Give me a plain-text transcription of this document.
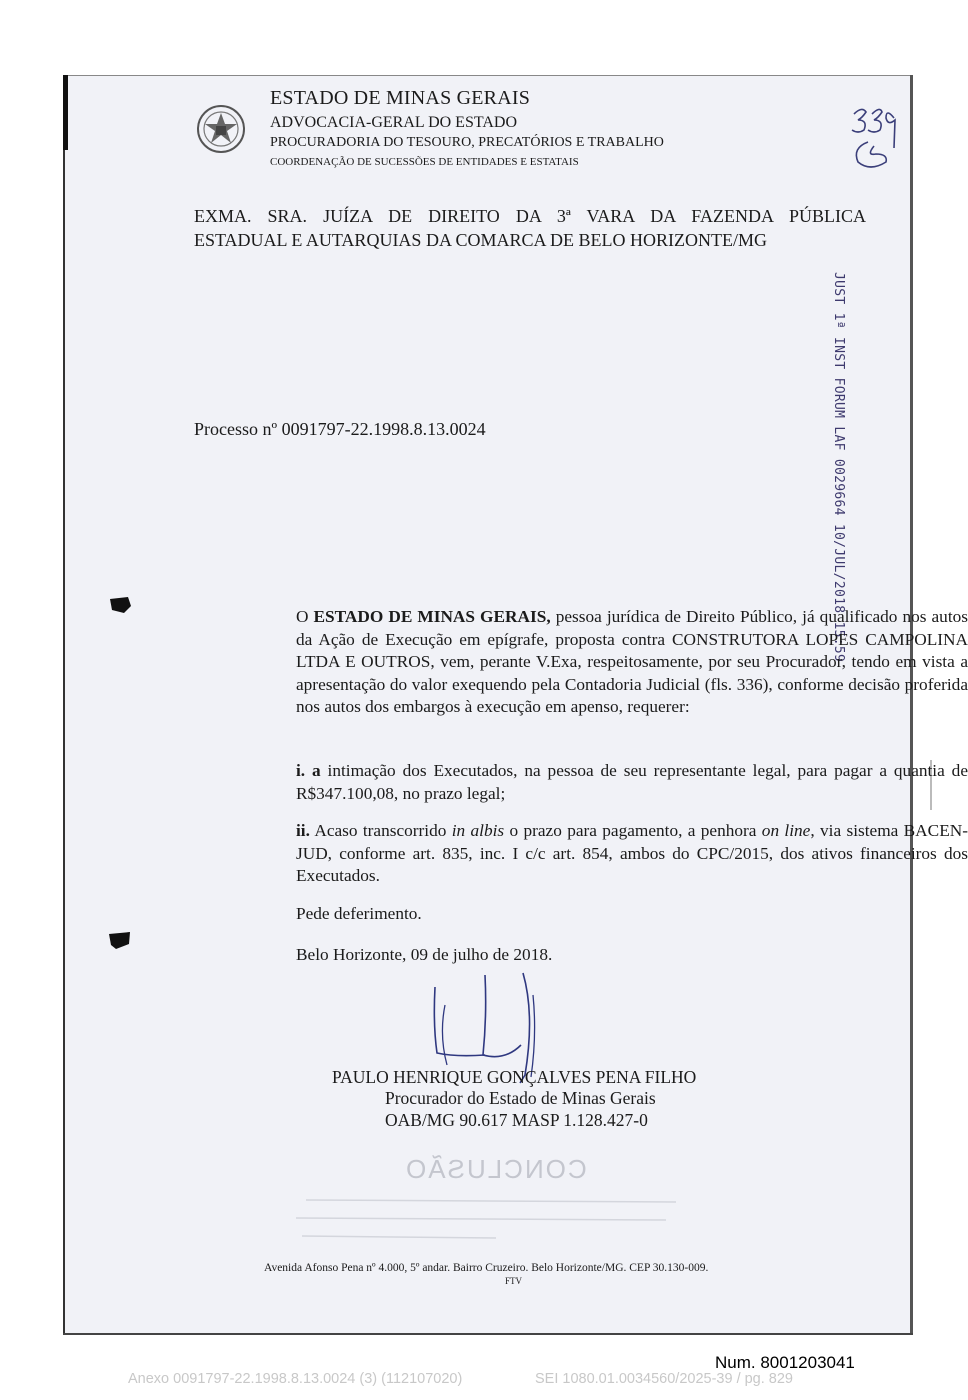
ESTADO DE MINAS GERAIS
ADVOCACIA-GERAL DO ESTADO
PROCURADORIA DO TESOURO, PRECATÓRIOS E TRABALHO
COORDENAÇÃO DE SUCESSÕES DE ENTIDADES E ESTATAIS
EXMA. SRA. JUÍZA DE DIREITO DA 3ª VARA DA FAZENDA PÚBLICA
ESTADUAL E AUTARQUIAS DA COMARCA DE BELO HORIZONTE/MG
JUST 1ª INST FORUM LAF 0029664 10/JUL/2018 15:59
Processo nº 0091797-22.1998.8.13.0024
O ESTADO DE MINAS GERAIS, pessoa jurídica de Direito Público, já qualificado nos autos da Ação de Execução em epígrafe, proposta contra CONSTRUTORA LOPES CAMPOLINA LTDA E OUTROS, vem, perante V.Exa, respeitosamente, por seu Procurador, tendo em vista a apresentação do valor exequendo pela Contadoria Judicial (fls. 336), conforme decisão proferida nos autos dos embargos à execução em apenso, requerer:
i. a intimação dos Executados, na pessoa de seu representante legal, para pagar a quantia de R$347.100,08, no prazo legal;
ii. Acaso transcorrido in albis o prazo para pagamento, a penhora on line, via sistema BACEN-JUD, conforme art. 835, inc. I c/c art. 854, ambos do CPC/2015, dos ativos financeiros dos Executados.
Pede deferimento.
Belo Horizonte, 09 de julho de 2018.
PAULO HENRIQUE GONÇALVES PENA FILHO
Procurador do Estado de Minas Gerais
OAB/MG 90.617 MASP 1.128.427-0
CONCLUSÃO
Avenida Afonso Pena nº 4.000, 5º andar. Bairro Cruzeiro. Belo Horizonte/MG. CEP 30.130-009.
FTV
Num. 8001203041
Anexo 0091797-22.1998.8.13.0024 (3) (112107020)	SEI 1080.01.0034560/2025-39 / pg. 829
